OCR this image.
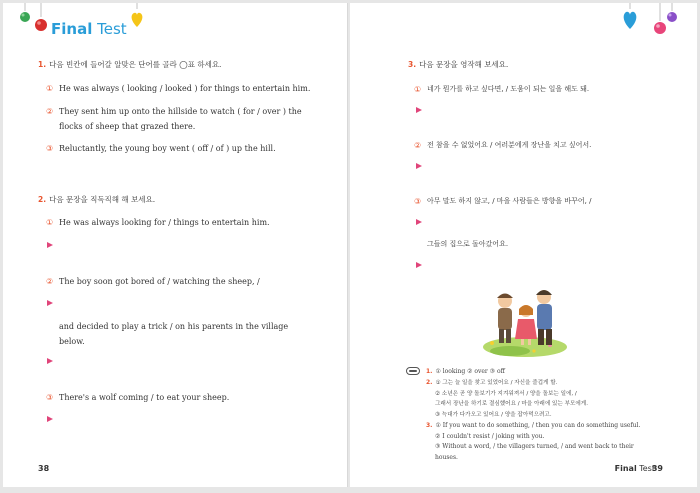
Final Test
1. 다음 빈칸에 들어갈 알맞은 단어를 골라 ◯표 하세요.
① He was always ( looking / looked ) for things to entertain him.
② They sent him up onto the hillside to watch ( for / over ) the
flocks of sheep that grazed there.
③ Reluctantly, the young boy went ( off / of ) up the hill.
2. 다음 문장을 직독직해 해 보세요.
① He was always looking for / things to entertain him.
② The boy soon got bored of / watching the sheep, /
and decided to play a trick / on his parents in the village
below.
③ There's a wolf coming / to eat your sheep.
38
3. 다음 문장을 영작해 보세요.
① 네가 뭔가를 하고 싶다면, / 도움이 되는 일을 해도 돼.
② 전 참을 수 없었어요 / 여러분에게 장난을 치고 싶어서.
③ 아무 말도 하지 않고, / 마을 사람들은 방향을 바꾸어, /
그들의 집으로 돌아갔어요.
1. ① looking ② over ③ off
2. ① 그는 늘 일을 찾고 있었어요 / 자신을 즐겁게 할.
② 소년은 곧 양 돌보기가 지겨워져서 / 양을 돌보는 일에, /
그래서 장난을 하기로 결심했어요 / 마을 아래에 있는 부모에게.
③ 늑대가 다가오고 있어요 / 양을 잡아먹으려고.
3. ① If you want to do something, / then you can do something useful.
② I couldn't resist / joking with you.
③ Without a word, / the villagers turned, / and went back to their
houses.
Final Test
39
